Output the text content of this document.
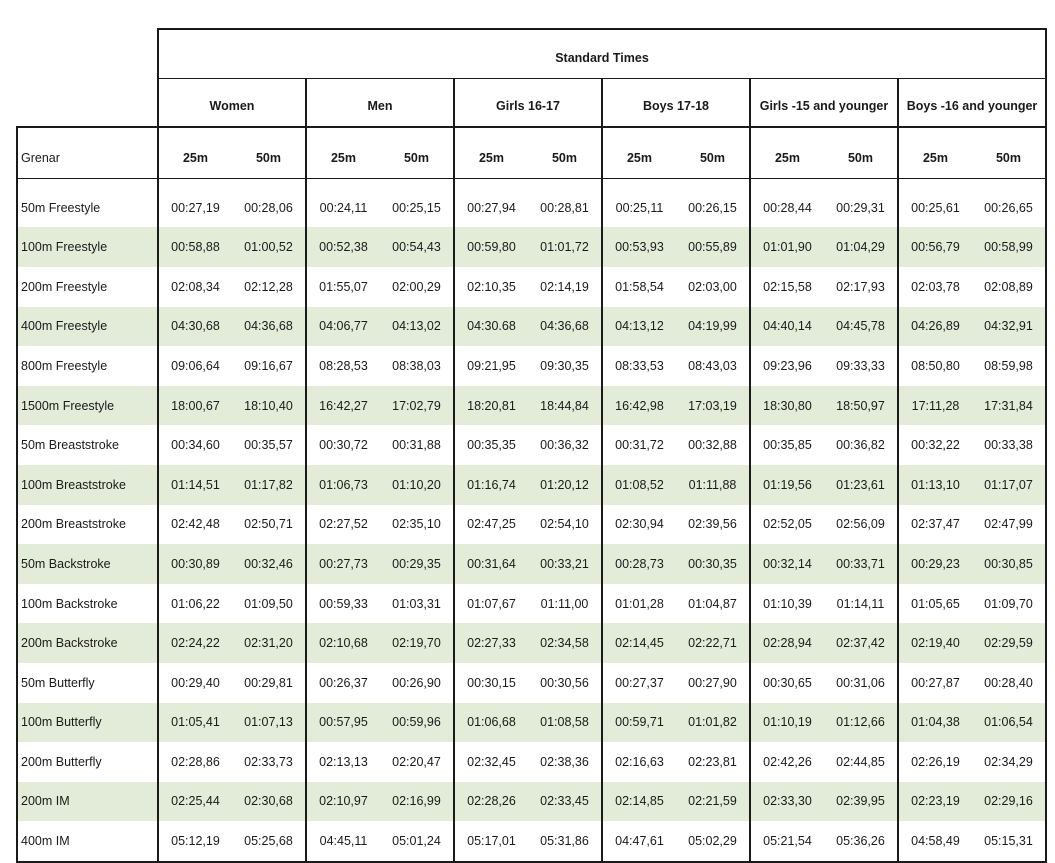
	Standard Times											
	Women		Men		Girls 16-17		Boys 17-18		Girls -15 and younger		Boys -16 and younger	
Grenar	25m	50m	25m	50m	25m	50m	25m	50m	25m	50m	25m	50m

50m Freestyle	00:27,19	00:28,06	00:24,11	00:25,15	00:27,94	00:28,81	00:25,11	00:26,15	00:28,44	00:29,31	00:25,61	00:26,65
100m Freestyle	00:58,88	01:00,52	00:52,38	00:54,43	00:59,80	01:01,72	00:53,93	00:55,89	01:01,90	01:04,29	00:56,79	00:58,99
200m Freestyle	02:08,34	02:12,28	01:55,07	02:00,29	02:10,35	02:14,19	01:58,54	02:03,00	02:15,58	02:17,93	02:03,78	02:08,89
400m Freestyle	04:30,68	04:36,68	04:06,77	04:13,02	04:30.68	04:36,68	04:13,12	04:19,99	04:40,14	04:45,78	04:26,89	04:32,91
800m Freestyle	09:06,64	09:16,67	08:28,53	08:38,03	09:21,95	09:30,35	08:33,53	08:43,03	09:23,96	09:33,33	08:50,80	08:59,98
1500m Freestyle	18:00,67	18:10,40	16:42,27	17:02,79	18:20,81	18:44,84	16:42,98	17:03,19	18:30,80	18:50,97	17:11,28	17:31,84
50m Breaststroke	00:34,60	00:35,57	00:30,72	00:31,88	00:35,35	00:36,32	00:31,72	00:32,88	00:35,85	00:36,82	00:32,22	00:33,38
100m Breaststroke	01:14,51	01:17,82	01:06,73	01:10,20	01:16,74	01:20,12	01:08,52	01:11,88	01:19,56	01:23,61	01:13,10	01:17,07
200m Breaststroke	02:42,48	02:50,71	02:27,52	02:35,10	02:47,25	02:54,10	02:30,94	02:39,56	02:52,05	02:56,09	02:37,47	02:47,99
50m Backstroke	00:30,89	00:32,46	00:27,73	00:29,35	00:31,64	00:33,21	00:28,73	00:30,35	00:32,14	00:33,71	00:29,23	00:30,85
100m Backstroke	01:06,22	01:09,50	00:59,33	01:03,31	01:07,67	01:11,00	01:01,28	01:04,87	01:10,39	01:14,11	01:05,65	01:09,70
200m Backstroke	02:24,22	02:31,20	02:10,68	02:19,70	02:27,33	02:34,58	02:14,45	02:22,71	02:28,94	02:37,42	02:19,40	02:29,59
50m Butterfly	00:29,40	00:29,81	00:26,37	00:26,90	00:30,15	00:30,56	00:27,37	00:27,90	00:30,65	00:31,06	00:27,87	00:28,40
100m Butterfly	01:05,41	01:07,13	00:57,95	00:59,96	01:06,68	01:08,58	00:59,71	01:01,82	01:10,19	01:12,66	01:04,38	01:06,54
200m Butterfly	02:28,86	02:33,73	02:13,13	02:20,47	02:32,45	02:38,36	02:16,63	02:23,81	02:42,26	02:44,85	02:26,19	02:34,29
200m IM	02:25,44	02:30,68	02:10,97	02:16,99	02:28,26	02:33,45	02:14,85	02:21,59	02:33,30	02:39,95	02:23,19	02:29,16
400m IM	05:12,19	05:25,68	04:45,11	05:01,24	05:17,01	05:31,86	04:47,61	05:02,29	05:21,54	05:36,26	04:58,49	05:15,31
